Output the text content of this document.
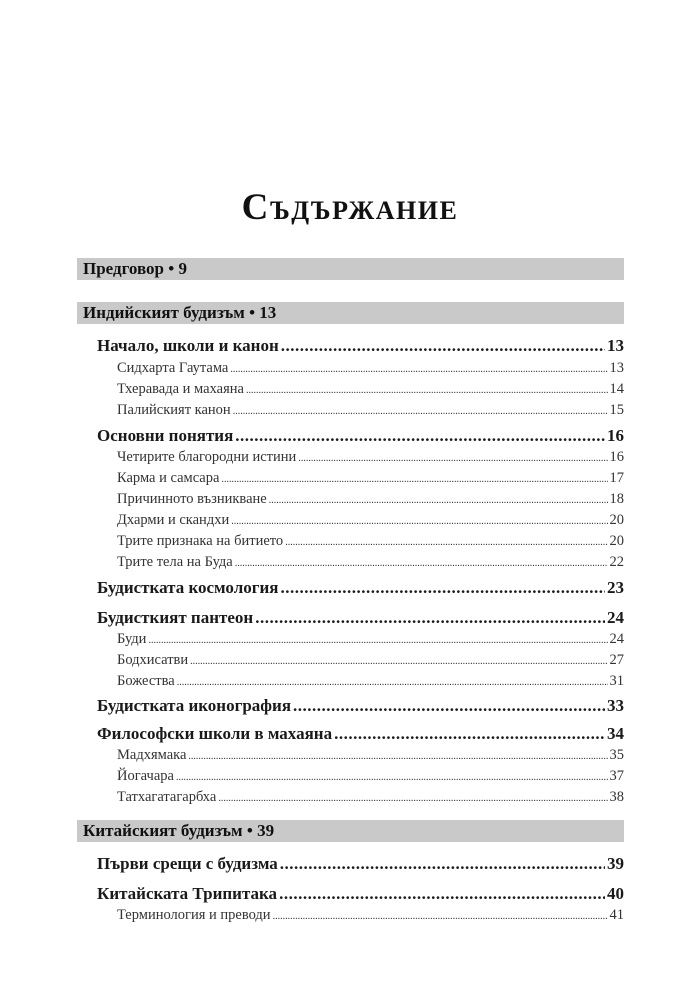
Съдържание
Предговор • 9
Индийският будизъм • 13
Начало, школи и канон .....	13
Сидхарта Гаутама .....	13
Тхеравада и махаяна .....	14
Палийският канон .....	15
Основни понятия .....	16
Четирите благородни истини .....	16
Карма и самсара .....	17
Причинното възникване .....	18
Дхарми и скандхи .....	20
Трите признака на битието .....	20
Трите тела на Буда .....	22
Будистката космология .....	23
Будисткият пантеон .....	24
Буди .....	24
Бодхисатви .....	27
Божества .....	31
Будистката иконография .....	33
Философски школи в махаяна .....	34
Мадхямака .....	35
Йогачара .....	37
Татхагатагарбха .....	38
Китайският будизъм • 39
Първи срещи с будизма .....	39
Китайската Трипитака .....	40
Терминология и преводи .....	41
